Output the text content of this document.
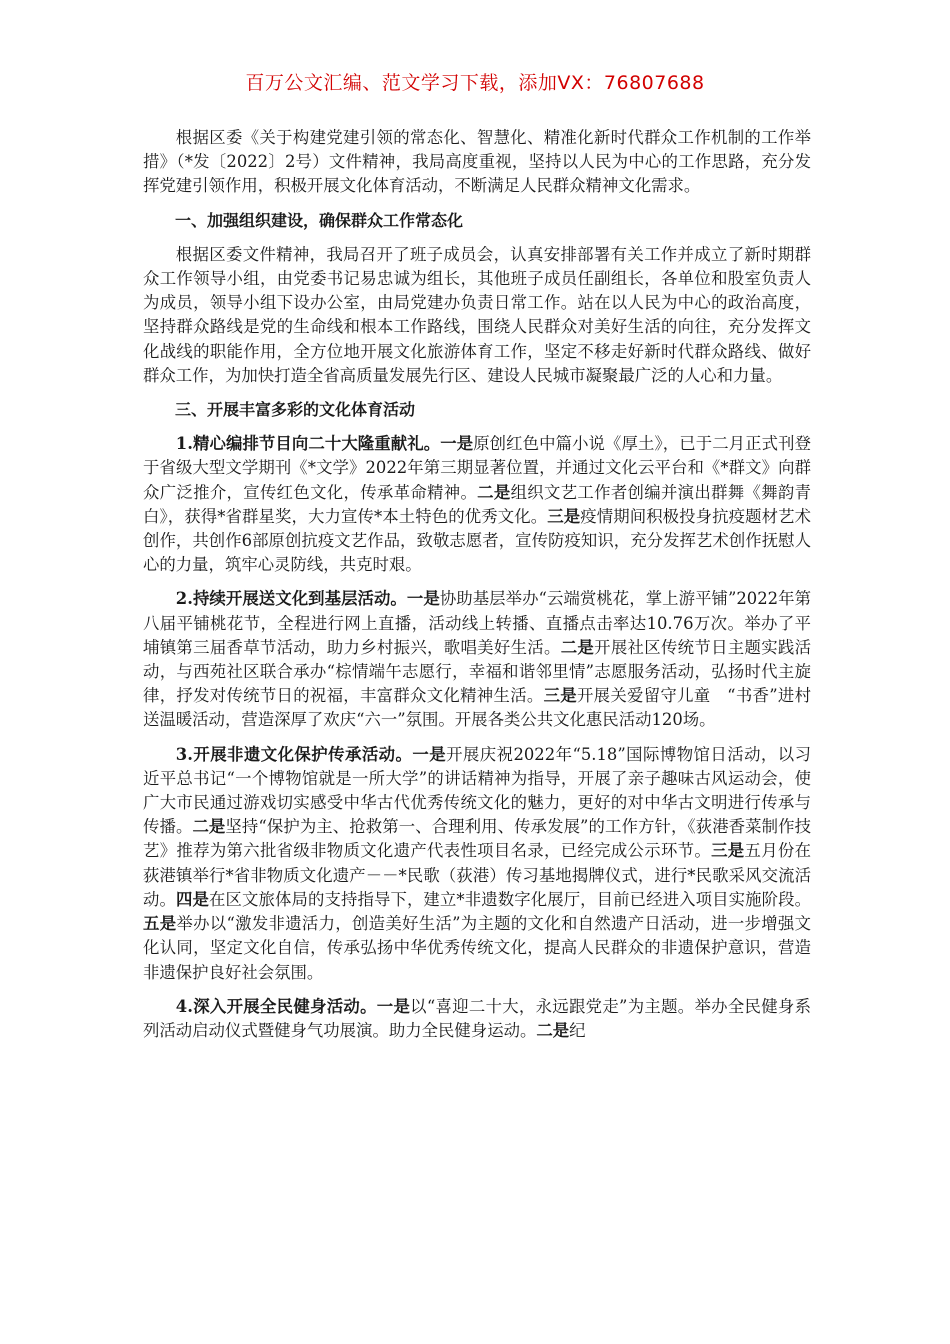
百万公文汇编、范文学习下载，添加VX：76807688

根据区委《关于构建党建引领的常态化、智慧化、精准化新时代群众工作机制的工作举措》（*发〔2022〕2号）文件精神，我局高度重视，坚持以人民为中心的工作思路，充分发挥党建引领作用，积极开展文化体育活动，不断满足人民群众精神文化需求。

一、加强组织建设，确保群众工作常态化

根据区委文件精神，我局召开了班子成员会，认真安排部署有关工作并成立了新时期群众工作领导小组，由党委书记易忠诚为组长，其他班子成员任副组长，各单位和股室负责人为成员，领导小组下设办公室，由局党建办负责日常工作。站在以人民为中心的政治高度，坚持群众路线是党的生命线和根本工作路线，围绕人民群众对美好生活的向往，充分发挥文化战线的职能作用，全方位地开展文化旅游体育工作，坚定不移走好新时代群众路线、做好群众工作，为加快打造全省高质量发展先行区、建设人民城市凝聚最广泛的人心和力量。

三、开展丰富多彩的文化体育活动

1.精心编排节目向二十大隆重献礼。一是原创红色中篇小说《厚土》，已于二月正式刊登于省级大型文学期刊《*文学》2022年第三期显著位置，并通过文化云平台和《*群文》向群众广泛推介，宣传红色文化，传承革命精神。二是组织文艺工作者创编并演出群舞《舞韵青白》，获得*省群星奖，大力宣传*本土特色的优秀文化。三是疫情期间积极投身抗疫题材艺术创作，共创作6部原创抗疫文艺作品，致敬志愿者，宣传防疫知识，充分发挥艺术创作抚慰人心的力量，筑牢心灵防线，共克时艰。

2.持续开展送文化到基层活动。一是协助基层举办“云端赏桃花，掌上游平铺”2022年第八届平铺桃花节，全程进行网上直播，活动线上转播、直播点击率达10.76万次。举办了平埔镇第三届香草节活动，助力乡村振兴，歌唱美好生活。二是开展社区传统节日主题实践活动，与西苑社区联合承办“棕情端午志愿行，幸福和谐邻里情”志愿服务活动，弘扬时代主旋律，抒发对传统节日的祝福，丰富群众文化精神生活。三是开展关爱留守儿童　“书香”进村送温暖活动，营造深厚了欢庆“六一”氛围。开展各类公共文化惠民活动120场。

3.开展非遗文化保护传承活动。一是开展庆祝2022年“5.18”国际博物馆日活动，以习近平总书记“一个博物馆就是一所大学”的讲话精神为指导，开展了亲子趣味古风运动会，使广大市民通过游戏切实感受中华古代优秀传统文化的魅力，更好的对中华古文明进行传承与传播。二是坚持“保护为主、抢救第一、合理利用、传承发展”的工作方针，《荻港香菜制作技艺》推荐为第六批省级非物质文化遗产代表性项目名录，已经完成公示环节。三是五月份在荻港镇举行*省非物质文化遗产－－*民歌（荻港）传习基地揭牌仪式，进行*民歌采风交流活动。四是在区文旅体局的支持指导下，建立*非遗数字化展厅，目前已经进入项目实施阶段。五是举办以“激发非遗活力，创造美好生活”为主题的文化和自然遗产日活动，进一步增强文化认同，坚定文化自信，传承弘扬中华优秀传统文化，提高人民群众的非遗保护意识，营造非遗保护良好社会氛围。

4.深入开展全民健身活动。一是以“喜迎二十大，永远跟党走”为主题。举办全民健身系列活动启动仪式暨健身气功展演。助力全民健身运动。二是纪
